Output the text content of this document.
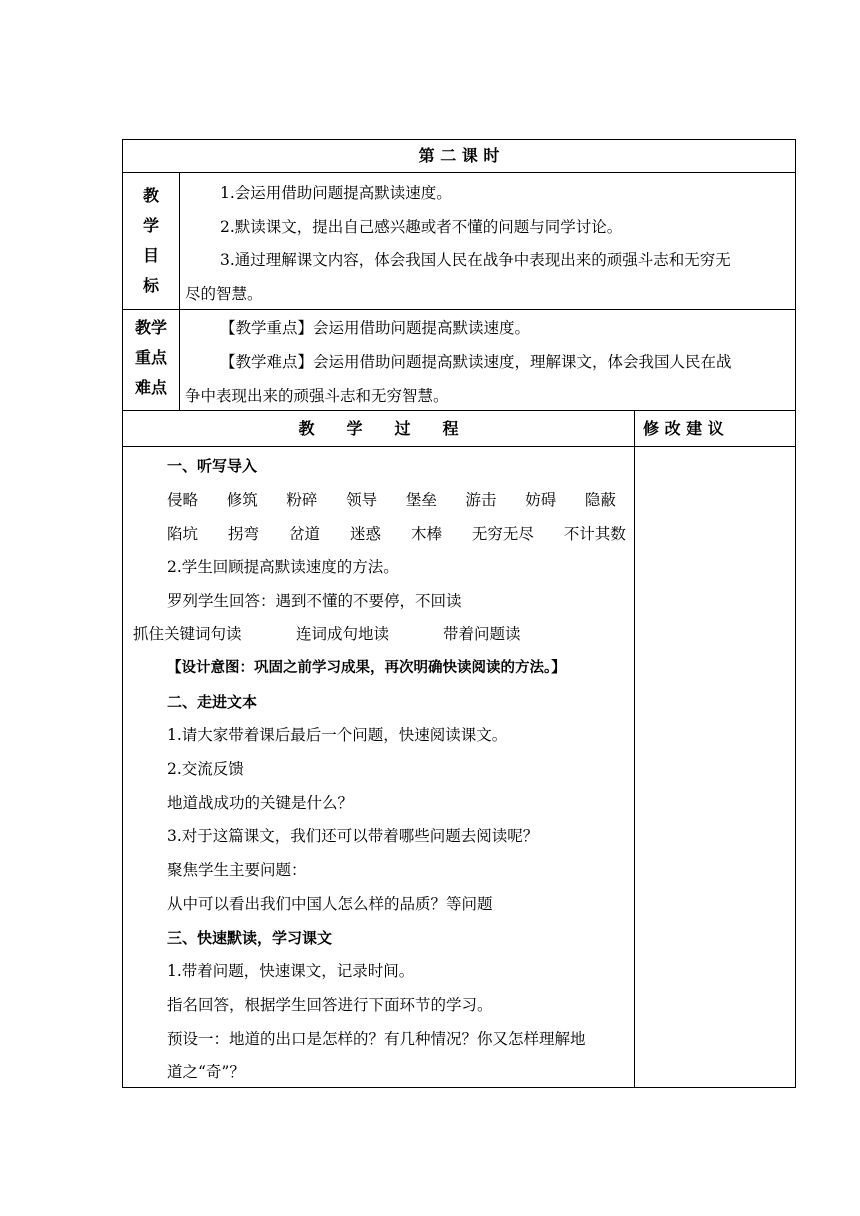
第 二 课 时
教
学
目
标
1.会运用借助问题提高默读速度。
2.默读课文，提出自己感兴趣或者不懂的问题与同学讨论。
3.通过理解课文内容，体会我国人民在战争中表现出来的顽强斗志和无穷无
尽的智慧。
教学
重点
难点
【教学重点】会运用借助问题提高默读速度。
【教学难点】会运用借助问题提高默读速度，理解课文，体会我国人民在战
争中表现出来的顽强斗志和无穷智慧。
教　　学　　过　　程	修 改 建 议
一、听写导入
侵略 修筑 粉碎 领导 堡垒 游击 妨碍 隐蔽
陷坑 拐弯 岔道 迷惑 木棒 无穷无尽 不计其数
2.学生回顾提高默读速度的方法。
罗列学生回答：遇到不懂的不要停，不回读
抓住关键词句读	连词成句地读	带着问题读
【设计意图：巩固之前学习成果，再次明确快读阅读的方法。】
二、走进文本
1.请大家带着课后最后一个问题，快速阅读课文。
2.交流反馈
地道战成功的关键是什么？
3.对于这篇课文，我们还可以带着哪些问题去阅读呢？
聚焦学生主要问题：
从中可以看出我们中国人怎么样的品质？等问题
三、快速默读，学习课文
1.带着问题，快速课文，记录时间。
指名回答，根据学生回答进行下面环节的学习。
预设一：地道的出口是怎样的？有几种情况？你又怎样理解地
道之“奇”？
